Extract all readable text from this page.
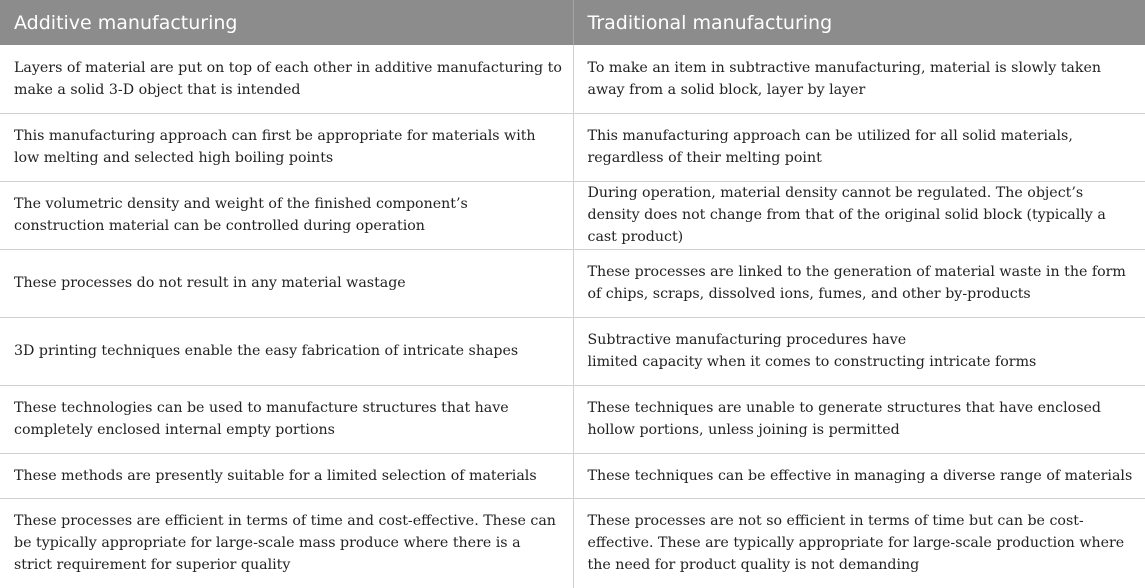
Additive manufacturing	Traditional manufacturing
Layers of material are put on top of each other in additive manufacturing to make a solid 3-D object that is intended	To make an item in subtractive manufacturing, material is slowly taken away from a solid block, layer by layer
This manufacturing approach can first be appropriate for materials with low melting and selected high boiling points	This manufacturing approach can be utilized for all solid materials, regardless of their melting point
The volumetric density and weight of the finished component’s construction material can be controlled during operation	During operation, material density cannot be regulated. The object’s density does not change from that of the original solid block (typically a cast product)
These processes do not result in any material wastage	These processes are linked to the generation of material waste in the form of chips, scraps, dissolved ions, fumes, and other by-products
3D printing techniques enable the easy fabrication of intricate shapes	Subtractive manufacturing procedures have
limited capacity when it comes to constructing intricate forms
These technologies can be used to manufacture structures that have completely enclosed internal empty portions	These techniques are unable to generate structures that have enclosed hollow portions, unless joining is permitted
These methods are presently suitable for a limited selection of materials	These techniques can be effective in managing a diverse range of materials
These processes are efficient in terms of time and cost-effective. These can be typically appropriate for large-scale mass produce where there is a strict requirement for superior quality	These processes are not so efficient in terms of time but can be cost-effective. These are typically appropriate for large-scale production where the need for product quality is not demanding
